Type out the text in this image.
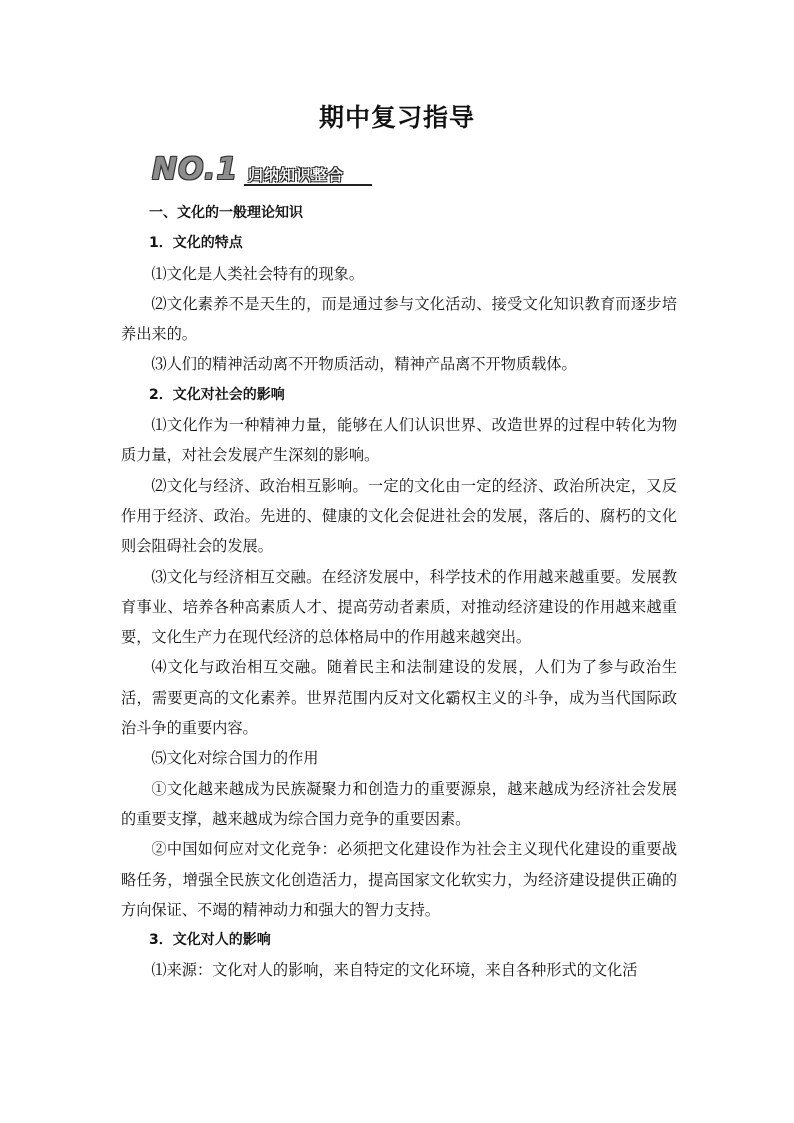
期中复习指导
NO.1 归纳知识整合

一、文化的一般理论知识

1．文化的特点

⑴文化是人类社会特有的现象。

⑵文化素养不是天生的，而是通过参与文化活动、接受文化知识教育而逐步培养出来的。

⑶人们的精神活动离不开物质活动，精神产品离不开物质载体。

2．文化对社会的影响

⑴文化作为一种精神力量，能够在人们认识世界、改造世界的过程中转化为物质力量，对社会发展产生深刻的影响。

⑵文化与经济、政治相互影响。一定的文化由一定的经济、政治所决定，又反作用于经济、政治。先进的、健康的文化会促进社会的发展，落后的、腐朽的文化则会阻碍社会的发展。

⑶文化与经济相互交融。在经济发展中，科学技术的作用越来越重要。发展教育事业、培养各种高素质人才、提高劳动者素质，对推动经济建设的作用越来越重要，文化生产力在现代经济的总体格局中的作用越来越突出。

⑷文化与政治相互交融。随着民主和法制建设的发展，人们为了参与政治生活，需要更高的文化素养。世界范围内反对文化霸权主义的斗争，成为当代国际政治斗争的重要内容。

⑸文化对综合国力的作用

①文化越来越成为民族凝聚力和创造力的重要源泉，越来越成为经济社会发展的重要支撑，越来越成为综合国力竞争的重要因素。

②中国如何应对文化竞争：必须把文化建设作为社会主义现代化建设的重要战略任务，增强全民族文化创造活力，提高国家文化软实力，为经济建设提供正确的方向保证、不竭的精神动力和强大的智力支持。

3．文化对人的影响

⑴来源：文化对人的影响，来自特定的文化环境，来自各种形式的文化活
